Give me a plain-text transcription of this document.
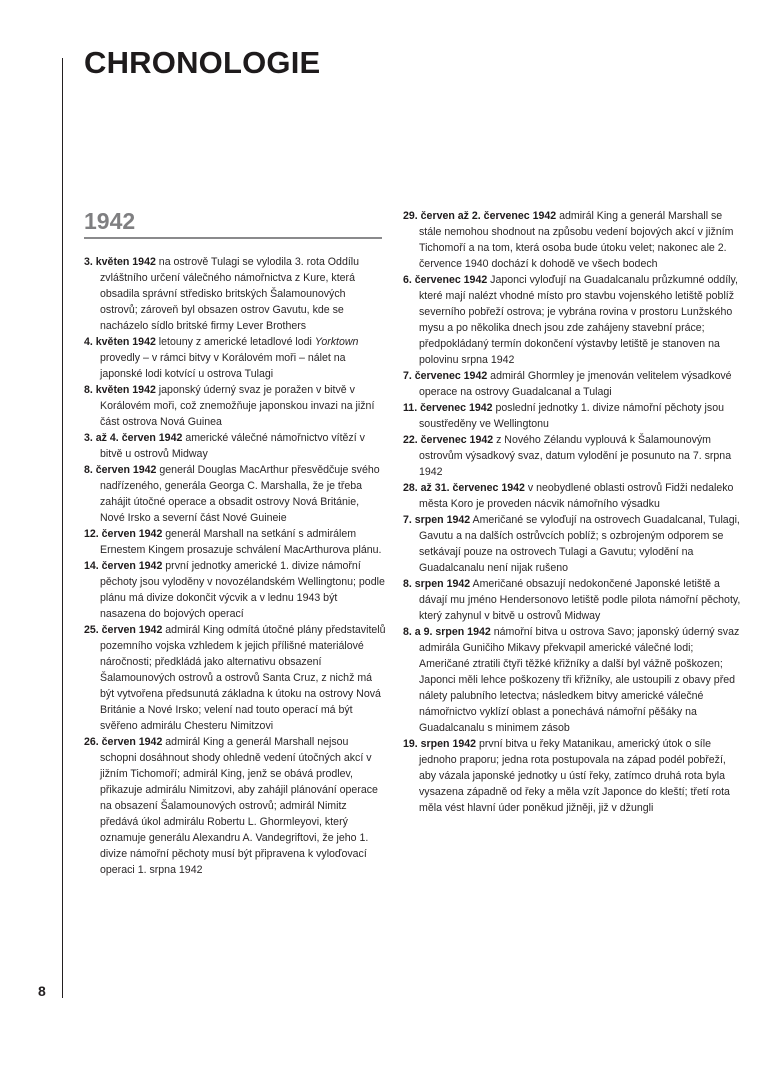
CHRONOLOGIE
1942

3. květen 1942 na ostrově Tulagi se vylodila 3. rota Oddílu zvláštního určení válečného námořnictva z Kure, která obsadila správní středisko britských Šalamounových ostrovů; zároveň byl obsazen ostrov Gavutu, kde se nacházelo sídlo britské firmy Lever Brothers

4. květen 1942 letouny z americké letadlové lodi Yorktown provedly – v rámci bitvy v Korálovém moři – nálet na japonské lodi kotvící u ostrova Tulagi

8. květen 1942 japonský úderný svaz je poražen v bitvě v Korálovém moři, což znemožňuje japonskou invazi na jižní část ostrova Nová Guinea

3. až 4. červen 1942 americké válečné námořnictvo vítězí v bitvě u ostrovů Midway

8. červen 1942 generál Douglas MacArthur přesvědčuje svého nadřízeného, generála Georga C. Marshalla, že je třeba zahájit útočné operace a obsadit ostrovy Nová Británie, Nové Irsko a severní část Nové Guineie

12. červen 1942 generál Marshall na setkání s admirálem Ernestem Kingem prosazuje schválení MacArthurova plánu.

14. červen 1942 první jednotky americké 1. divize námořní pěchoty jsou vyloděny v novozélandském Wellingtonu; podle plánu má divize dokončit výcvik a v lednu 1943 být nasazena do bojových operací

25. červen 1942 admirál King odmítá útočné plány představitelů pozemního vojska vzhledem k jejich přílišné materiálové náročnosti; předkládá jako alternativu obsazení Šalamounových ostrovů a ostrovů Santa Cruz, z nichž má být vytvořena předsunutá základna k útoku na ostrovy Nová Británie a Nové Irsko; velení nad touto operací má být svěřeno admirálu Chesteru Nimitzovi

26. červen 1942 admirál King a generál Marshall nejsou schopni dosáhnout shody ohledně vedení útočných akcí v jižním Tichomoří; admirál King, jenž se obává prodlev, přikazuje admirálu Nimitzovi, aby zahájil plánování operace na obsazení Šalamounových ostrovů; admirál Nimitz předává úkol admirálu Robertu L. Ghormleyovi, který oznamuje generálu Alexandru A. Vandegriftovi, že jeho 1. divize námořní pěchoty musí být připravena k vyloďovací operaci 1. srpna 1942

29. červen až 2. červenec 1942 admirál King a generál Marshall se stále nemohou shodnout na způsobu vedení bojových akcí v jižním Tichomoří a na tom, která osoba bude útoku velet; nakonec ale 2. července 1940 dochází k dohodě ve všech bodech

6. červenec 1942 Japonci vyloďují na Guadalcanalu průzkumné oddíly, které mají nalézt vhodné místo pro stavbu vojenského letiště poblíž severního pobřeží ostrova; je vybrána rovina v prostoru Lunžského mysu a po několika dnech jsou zde zahájeny stavební práce; předpokládaný termín dokončení výstavby letiště je stanoven na polovinu srpna 1942

7. červenec 1942 admirál Ghormley je jmenován velitelem výsadkové operace na ostrovy Guadalcanal a Tulagi

11. červenec 1942 poslední jednotky 1. divize námořní pěchoty jsou soustředěny ve Wellingtonu

22. červenec 1942 z Nového Zélandu vyplouvá k Šalamounovým ostrovům výsadkový svaz, datum vylodění je posunuto na 7. srpna 1942

28. až 31. červenec 1942 v neobydlené oblasti ostrovů Fidži nedaleko města Koro je proveden nácvik námořního výsadku

7. srpen 1942 Američané se vyloďují na ostrovech Guadalcanal, Tulagi, Gavutu a na dalších ostrůvcích poblíž; s ozbrojeným odporem se setkávají pouze na ostrovech Tulagi a Gavutu; vylodění na Guadalcanalu není nijak rušeno

8. srpen 1942 Američané obsazují nedokončené Japonské letiště a dávají mu jméno Hendersonovo letiště podle pilota námořní pěchoty, který zahynul v bitvě u ostrovů Midway

8. a 9. srpen 1942 námořní bitva u ostrova Savo; japonský úderný svaz admirála Guničiho Mikavy překvapil americké válečné lodi; Američané ztratili čtyři těžké křižníky a další byl vážně poškozen; Japonci měli lehce poškozeny tři křižníky, ale ustoupili z obavy před nálety palubního letectva; následkem bitvy americké válečné námořnictvo vyklízí oblast a ponechává námořní pěšáky na Guadalcanalu s minimem zásob

19. srpen 1942 první bitva u řeky Matanikau, americký útok o síle jednoho praporu; jedna rota postupovala na západ podél pobřeží, aby vázala japonské jednotky u ústí řeky, zatímco druhá rota byla vysazena západně od řeky a měla vzít Japonce do kleští; třetí rota měla vést hlavní úder poněkud jižněji, již v džungli

8
